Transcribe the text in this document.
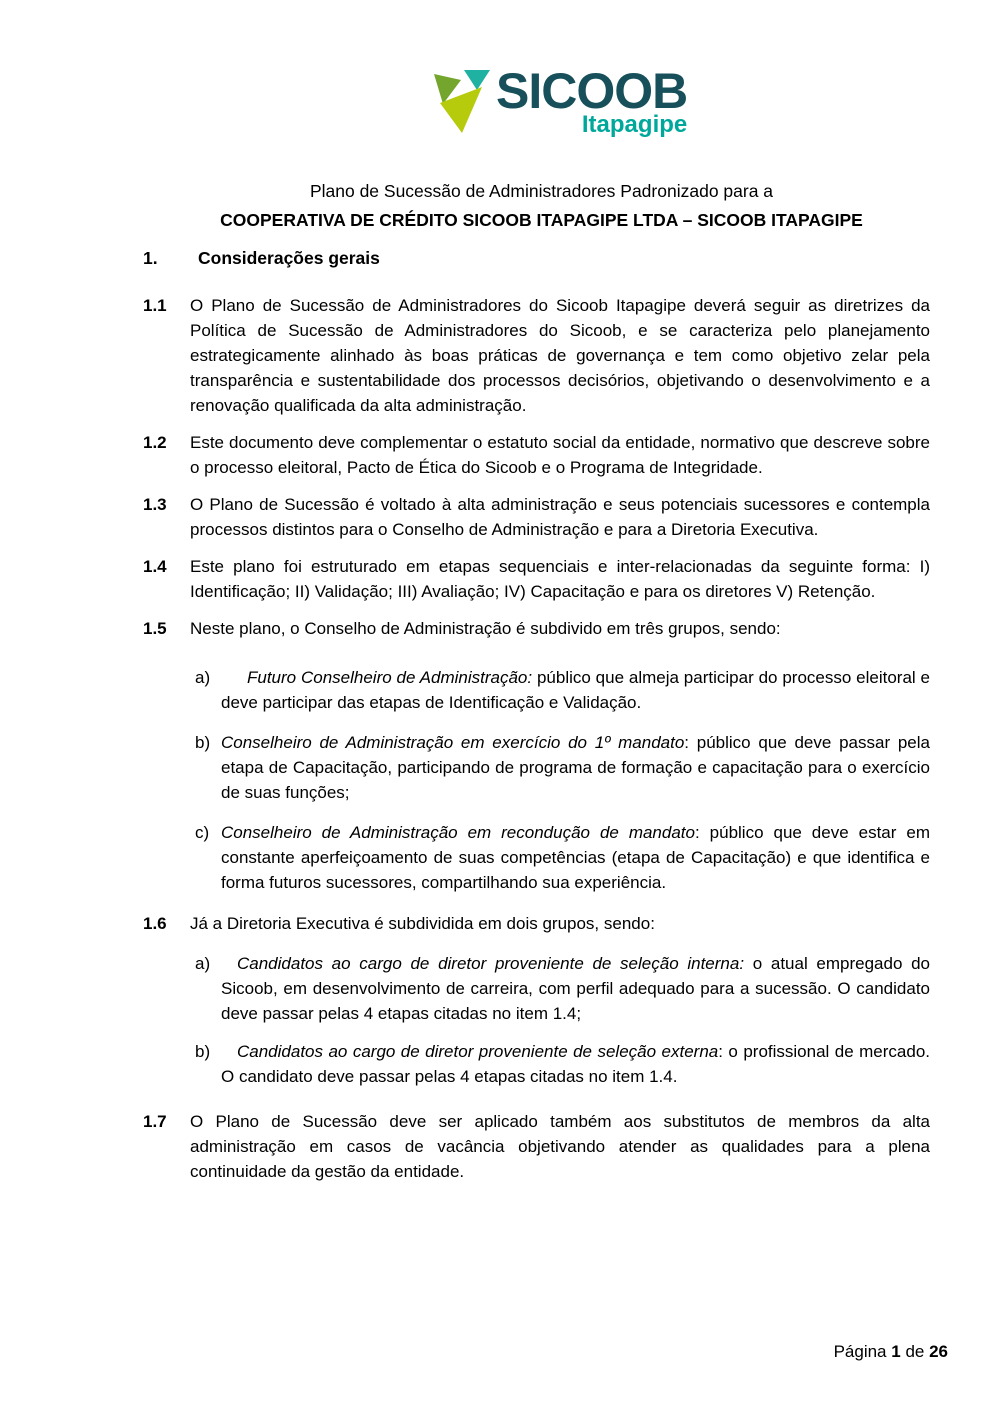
SICOOB
Itapagipe
Plano de Sucessão de Administradores Padronizado para a
COOPERATIVA DE CRÉDITO SICOOB ITAPAGIPE LTDA – SICOOB ITAPAGIPE
1.	Considerações gerais
1.1	O Plano de Sucessão de Administradores do Sicoob Itapagipe deverá seguir as diretrizes da Política de Sucessão de Administradores do Sicoob, e se caracteriza pelo planejamento estrategicamente alinhado às boas práticas de governança e tem como objetivo zelar pela transparência e sustentabilidade dos processos decisórios, objetivando o desenvolvimento e a renovação qualificada da alta administração.
1.2	Este documento deve complementar o estatuto social da entidade, normativo que descreve sobre o processo eleitoral, Pacto de Ética do Sicoob e o Programa de Integridade.
1.3	O Plano de Sucessão é voltado à alta administração e seus potenciais sucessores e contempla processos distintos para o Conselho de Administração e para a Diretoria Executiva.
1.4	Este plano foi estruturado em etapas sequenciais e inter-relacionadas da seguinte forma: I) Identificação; II) Validação; III) Avaliação; IV) Capacitação e para os diretores V) Retenção.
1.5	Neste plano, o Conselho de Administração é subdivido em três grupos, sendo:
a)	Futuro Conselheiro de Administração: público que almeja participar do processo eleitoral e deve participar das etapas de Identificação e Validação.
b) Conselheiro de Administração em exercício do 1º mandato: público que deve passar pela etapa de Capacitação, participando de programa de formação e capacitação para o exercício de suas funções;
c) Conselheiro de Administração em recondução de mandato: público que deve estar em constante aperfeiçoamento de suas competências (etapa de Capacitação) e que identifica e forma futuros sucessores, compartilhando sua experiência.
1.6	Já a Diretoria Executiva é subdividida em dois grupos, sendo:
a)	Candidatos ao cargo de diretor proveniente de seleção interna: o atual empregado do Sicoob, em desenvolvimento de carreira, com perfil adequado para a sucessão. O candidato deve passar pelas 4 etapas citadas no item 1.4;
b)	Candidatos ao cargo de diretor proveniente de seleção externa: o profissional de mercado. O candidato deve passar pelas 4 etapas citadas no item 1.4.
1.7	O Plano de Sucessão deve ser aplicado também aos substitutos de membros da alta administração em casos de vacância objetivando atender as qualidades para a plena continuidade da gestão da entidade.
Página 1 de 26
